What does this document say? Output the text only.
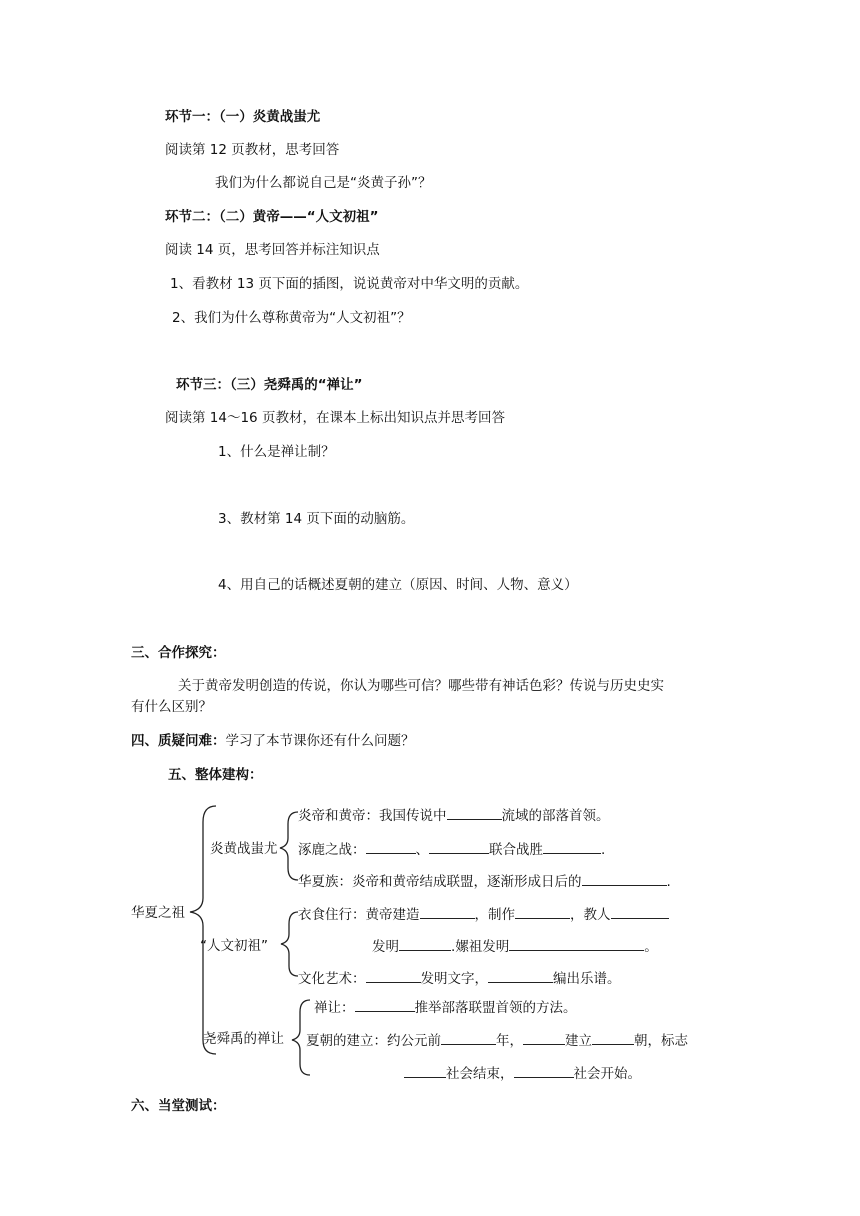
环节一：（一）炎黄战蚩尤
阅读第 12 页教材，思考回答
我们为什么都说自己是“炎黄子孙”？
环节二：（二）黄帝——“人文初祖”
阅读 14 页，思考回答并标注知识点
1、看教材 13 页下面的插图，说说黄帝对中华文明的贡献。
2、我们为什么尊称黄帝为“人文初祖”？
环节三：（三）尧舜禹的“禅让”
阅读第 14～16 页教材，在课本上标出知识点并思考回答
1、什么是禅让制？
3、教材第 14 页下面的动脑筋。
4、用自己的话概述夏朝的建立（原因、时间、人物、意义）
三、合作探究：
关于黄帝发明创造的传说，你认为哪些可信？哪些带有神话色彩？传说与历史史实
有什么区别？
四、质疑问难：学习了本节课你还有什么问题？
五、整体建构：
华夏之祖
炎黄战蚩尤
“人文初祖”
尧舜禹的禅让
炎帝和黄帝：我国传说中	流域的部落首领。
涿鹿之战：	、	联合战胜	.
华夏族：炎帝和黄帝结成联盟，逐渐形成日后的	.
衣食住行：黄帝建造	，制作	，教人
发明	.嫘祖发明	。
文化艺术：	发明文字，	编出乐谱。
禅让：	推举部落联盟首领的方法。
夏朝的建立：约公元前	年，	建立	朝，标志
社会结束，	社会开始。
六、当堂测试：
